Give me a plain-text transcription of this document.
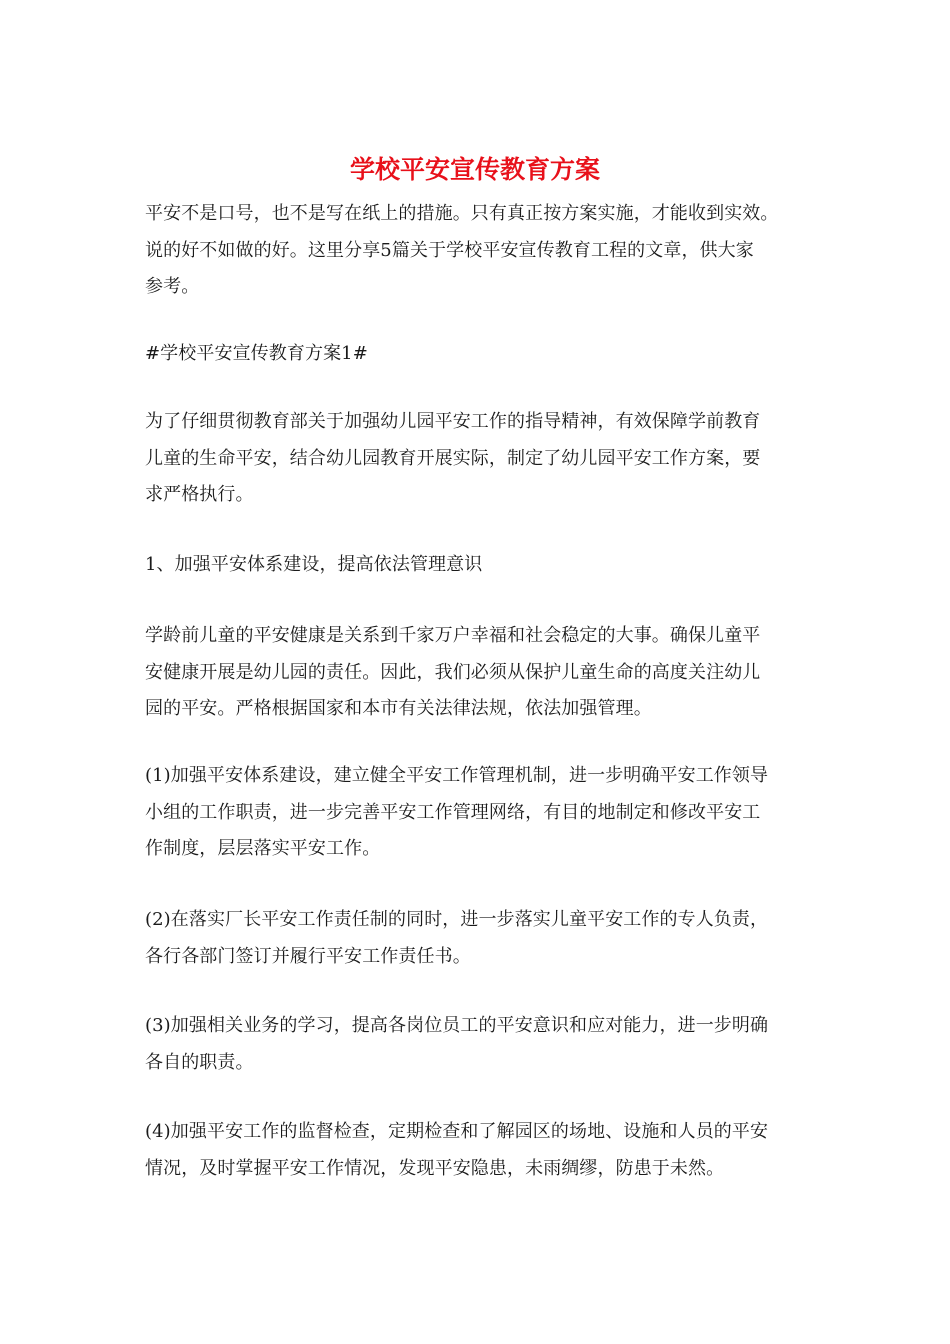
学校平安宣传教育方案

平安不是口号，也不是写在纸上的措施。只有真正按方案实施，才能收到实效。
说的好不如做的好。这里分享5篇关于学校平安宣传教育工程的文章，供大家
参考。

#学校平安宣传教育方案1#

为了仔细贯彻教育部关于加强幼儿园平安工作的指导精神，有效保障学前教育
儿童的生命平安，结合幼儿园教育开展实际，制定了幼儿园平安工作方案，要
求严格执行。

1、加强平安体系建设，提高依法管理意识

学龄前儿童的平安健康是关系到千家万户幸福和社会稳定的大事。确保儿童平
安健康开展是幼儿园的责任。因此，我们必须从保护儿童生命的高度关注幼儿
园的平安。严格根据国家和本市有关法律法规，依法加强管理。

(1)加强平安体系建设，建立健全平安工作管理机制，进一步明确平安工作领导
小组的工作职责，进一步完善平安工作管理网络，有目的地制定和修改平安工
作制度，层层落实平安工作。

(2)在落实厂长平安工作责任制的同时，进一步落实儿童平安工作的专人负责，
各行各部门签订并履行平安工作责任书。

(3)加强相关业务的学习，提高各岗位员工的平安意识和应对能力，进一步明确
各自的职责。

(4)加强平安工作的监督检查，定期检查和了解园区的场地、设施和人员的平安
情况，及时掌握平安工作情况，发现平安隐患，未雨绸缪，防患于未然。
